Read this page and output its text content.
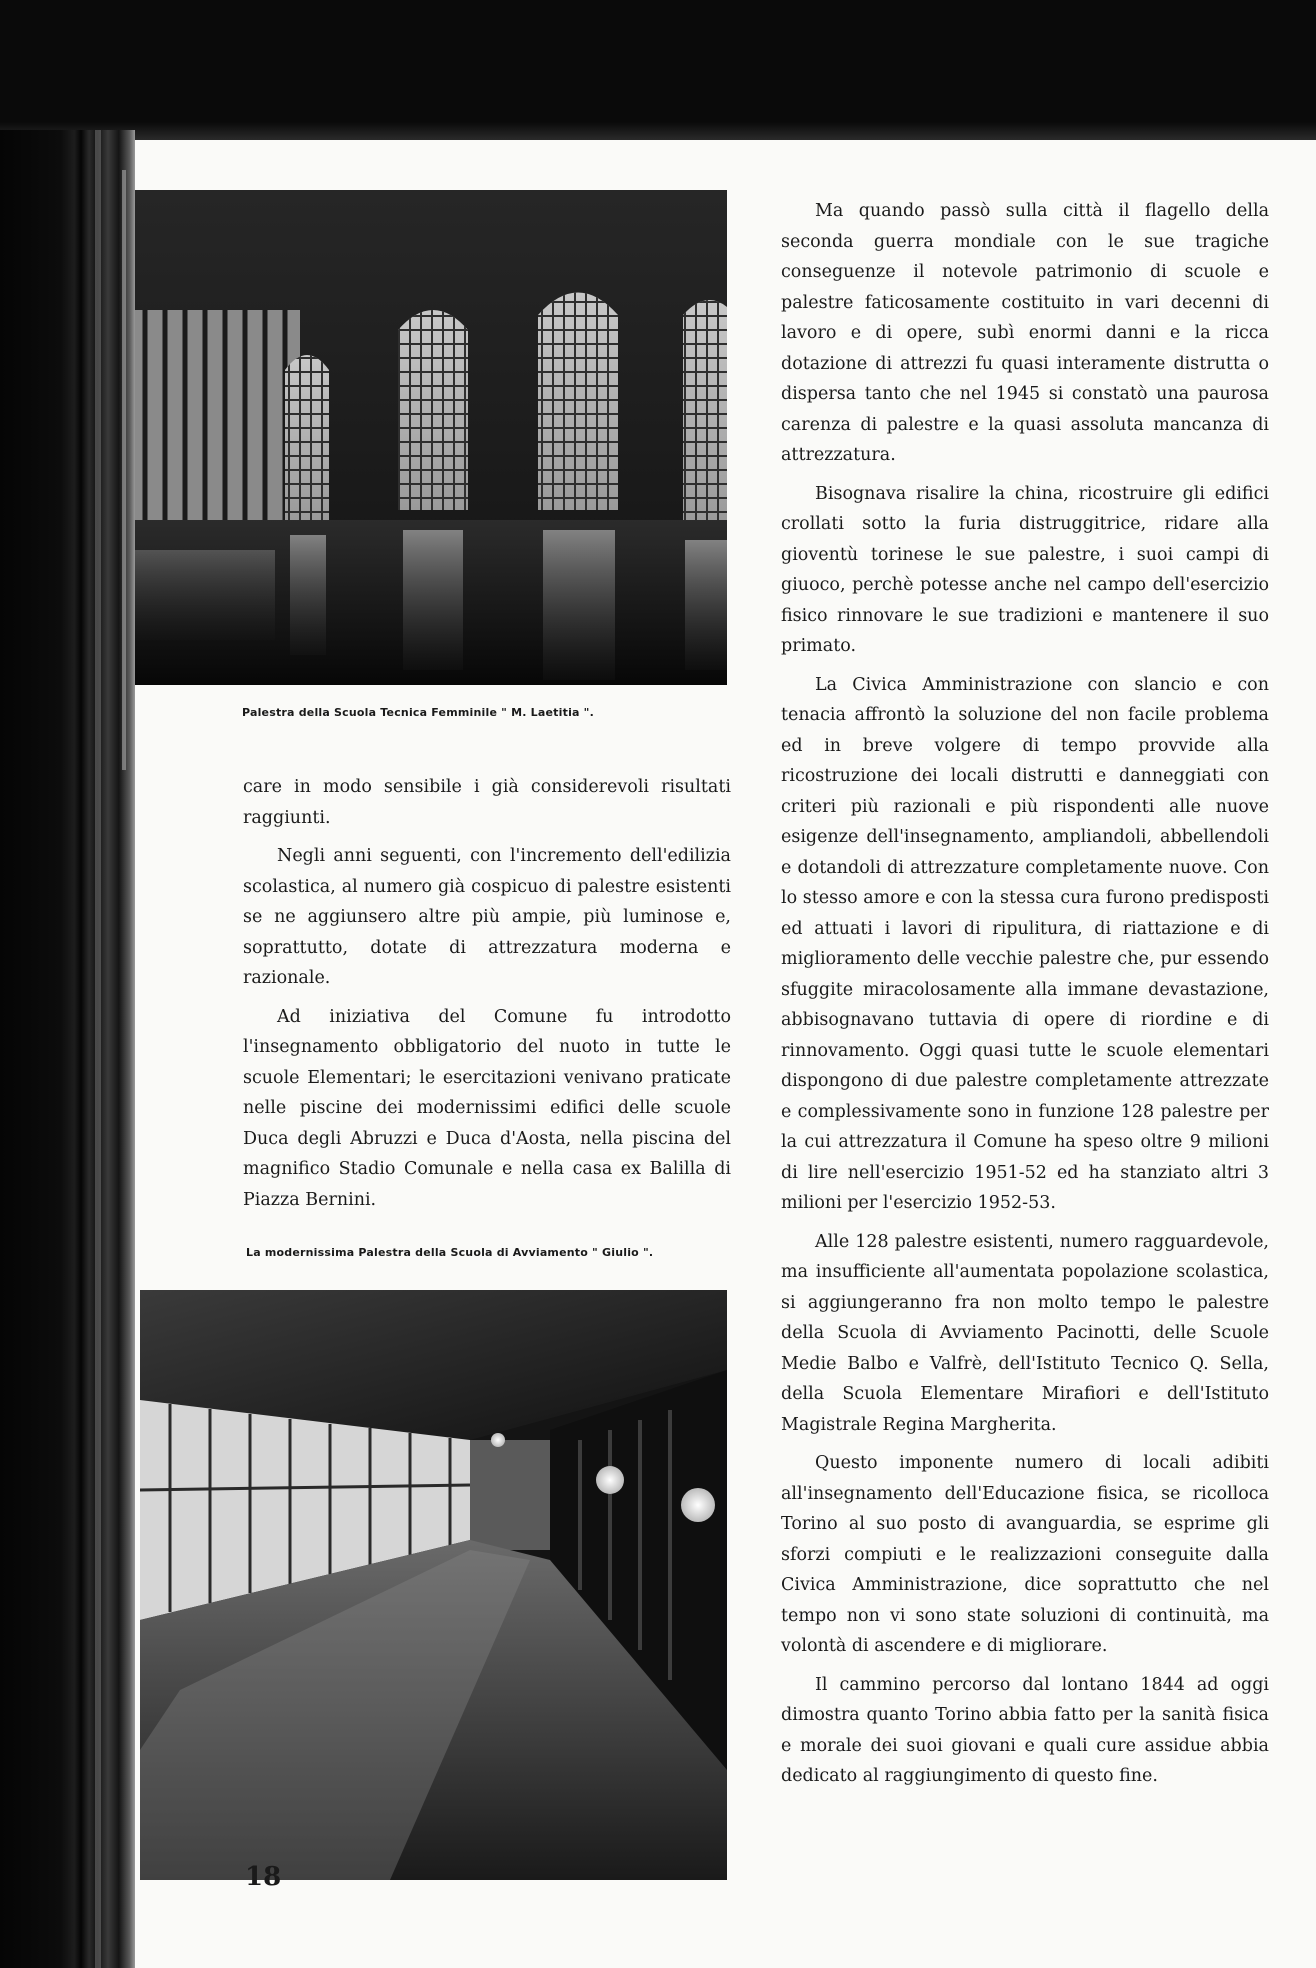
Palestra della Scuola Tecnica Femminile " M. Laetitia ".

care in modo sensibile i già considerevoli risultati raggiunti.

Negli anni seguenti, con l'incremento dell'edilizia scolastica, al numero già cospicuo di palestre esistenti se ne aggiunsero altre più ampie, più luminose e, soprattutto, dotate di attrezzatura moderna e razionale.

Ad iniziativa del Comune fu introdotto l'insegnamento obbligatorio del nuoto in tutte le scuole Elementari; le esercitazioni venivano praticate nelle piscine dei modernissimi edifici delle scuole Duca degli Abruzzi e Duca d'Aosta, nella piscina del magnifico Stadio Comunale e nella casa ex Balilla di Piazza Bernini.

La modernissima Palestra della Scuola di Avviamento " Giulio ".

Ma quando passò sulla città il flagello della seconda guerra mondiale con le sue tragiche conseguenze il notevole patrimonio di scuole e palestre faticosamente costituito in vari decenni di lavoro e di opere, subì enormi danni e la ricca dotazione di attrezzi fu quasi interamente distrutta o dispersa tanto che nel 1945 si constatò una paurosa carenza di palestre e la quasi assoluta mancanza di attrezzatura.

Bisognava risalire la china, ricostruire gli edifici crollati sotto la furia distruggitrice, ridare alla gioventù torinese le sue palestre, i suoi campi di giuoco, perchè potesse anche nel campo dell'esercizio fisico rinnovare le sue tradizioni e mantenere il suo primato.

La Civica Amministrazione con slancio e con tenacia affrontò la soluzione del non facile problema ed in breve volgere di tempo provvide alla ricostruzione dei locali distrutti e danneggiati con criteri più razionali e più rispondenti alle nuove esigenze dell'insegnamento, ampliandoli, abbellendoli e dotandoli di attrezzature completamente nuove. Con lo stesso amore e con la stessa cura furono predisposti ed attuati i lavori di ripulitura, di riattazione e di miglioramento delle vecchie palestre che, pur essendo sfuggite miracolosamente alla immane devastazione, abbisognavano tuttavia di opere di riordine e di rinnovamento. Oggi quasi tutte le scuole elementari dispongono di due palestre completamente attrezzate e complessivamente sono in funzione 128 palestre per la cui attrezzatura il Comune ha speso oltre 9 milioni di lire nell'esercizio 1951-52 ed ha stanziato altri 3 milioni per l'esercizio 1952-53.

Alle 128 palestre esistenti, numero ragguardevole, ma insufficiente all'aumentata popolazione scolastica, si aggiungeranno fra non molto tempo le palestre della Scuola di Avviamento Pacinotti, delle Scuole Medie Balbo e Valfrè, dell'Istituto Tecnico Q. Sella, della Scuola Elementare Mirafiori e dell'Istituto Magistrale Regina Margherita.

Questo imponente numero di locali adibiti all'insegnamento dell'Educazione fisica, se ricolloca Torino al suo posto di avanguardia, se esprime gli sforzi compiuti e le realizzazioni conseguite dalla Civica Amministrazione, dice soprattutto che nel tempo non vi sono state soluzioni di continuità, ma volontà di ascendere e di migliorare.

Il cammino percorso dal lontano 1844 ad oggi dimostra quanto Torino abbia fatto per la sanità fisica e morale dei suoi giovani e quali cure assidue abbia dedicato al raggiungimento di questo fine.

18
